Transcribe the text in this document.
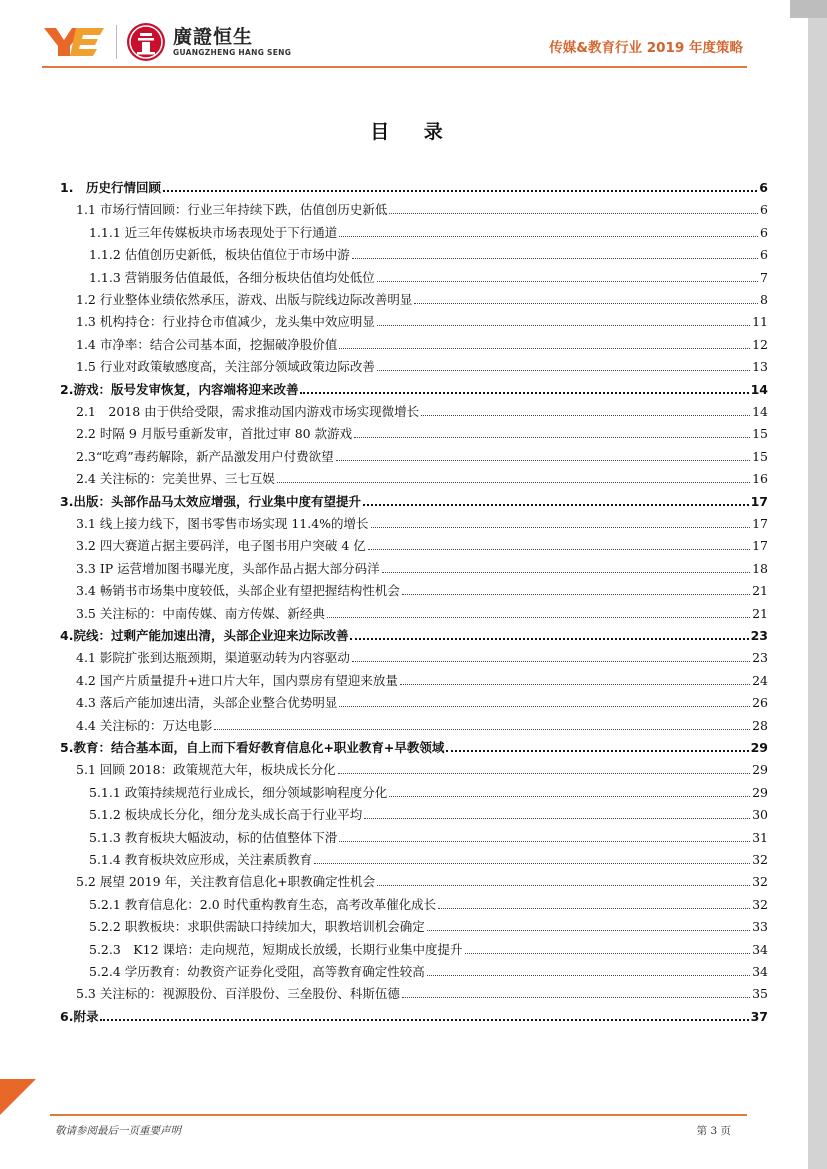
廣證恒生
GUANGZHENG HANG SENG	传媒&教育行业 2019 年度策略
目 录
1.　历史行情回顾	6
1.1 市场行情回顾：行业三年持续下跌，估值创历史新低	6
1.1.1 近三年传媒板块市场表现处于下行通道	6
1.1.2 估值创历史新低，板块估值位于市场中游	6
1.1.3 营销服务估值最低，各细分板块估值均处低位	7
1.2 行业整体业绩依然承压，游戏、出版与院线边际改善明显	8
1.3 机构持仓：行业持仓市值减少，龙头集中效应明显	11
1.4 市净率：结合公司基本面，挖掘破净股价值	12
1.5 行业对政策敏感度高，关注部分领域政策边际改善	13
2.游戏：版号发审恢复，内容端将迎来改善	14
2.1　2018 由于供给受限，需求推动国内游戏市场实现微增长	14
2.2 时隔 9 月版号重新发审，首批过审 80 款游戏	15
2.3“吃鸡”毒药解除，新产品激发用户付费欲望	15
2.4 关注标的：完美世界、三七互娱	16
3.出版：头部作品马太效应增强，行业集中度有望提升	17
3.1 线上接力线下，图书零售市场实现 11.4%的增长	17
3.2 四大赛道占据主要码洋，电子图书用户突破 4 亿	17
3.3 IP 运营增加图书曝光度，头部作品占据大部分码洋	18
3.4 畅销书市场集中度较低，头部企业有望把握结构性机会	21
3.5 关注标的：中南传媒、南方传媒、新经典	21
4.院线：过剩产能加速出清，头部企业迎来边际改善	23
4.1 影院扩张到达瓶颈期，渠道驱动转为内容驱动	23
4.2 国产片质量提升+进口片大年，国内票房有望迎来放量	24
4.3 落后产能加速出清，头部企业整合优势明显	26
4.4 关注标的：万达电影	28
5.教育：结合基本面，自上而下看好教育信息化+职业教育+早教领域	29
5.1 回顾 2018：政策规范大年，板块成长分化	29
5.1.1 政策持续规范行业成长，细分领域影响程度分化	29
5.1.2 板块成长分化，细分龙头成长高于行业平均	30
5.1.3 教育板块大幅波动，标的估值整体下滑	31
5.1.4 教育板块效应形成，关注素质教育	32
5.2 展望 2019 年，关注教育信息化+职教确定性机会	32
5.2.1 教育信息化：2.0 时代重构教育生态，高考改革催化成长	32
5.2.2 职教板块：求职供需缺口持续加大，职教培训机会确定	33
5.2.3　K12 课培：走向规范，短期成长放缓，长期行业集中度提升	34
5.2.4 学历教育：幼教资产证券化受阻，高等教育确定性较高	34
5.3 关注标的：视源股份、百洋股份、三垒股份、科斯伍德	35
6.附录	37
敬请参阅最后一页重要声明	第 3 页
